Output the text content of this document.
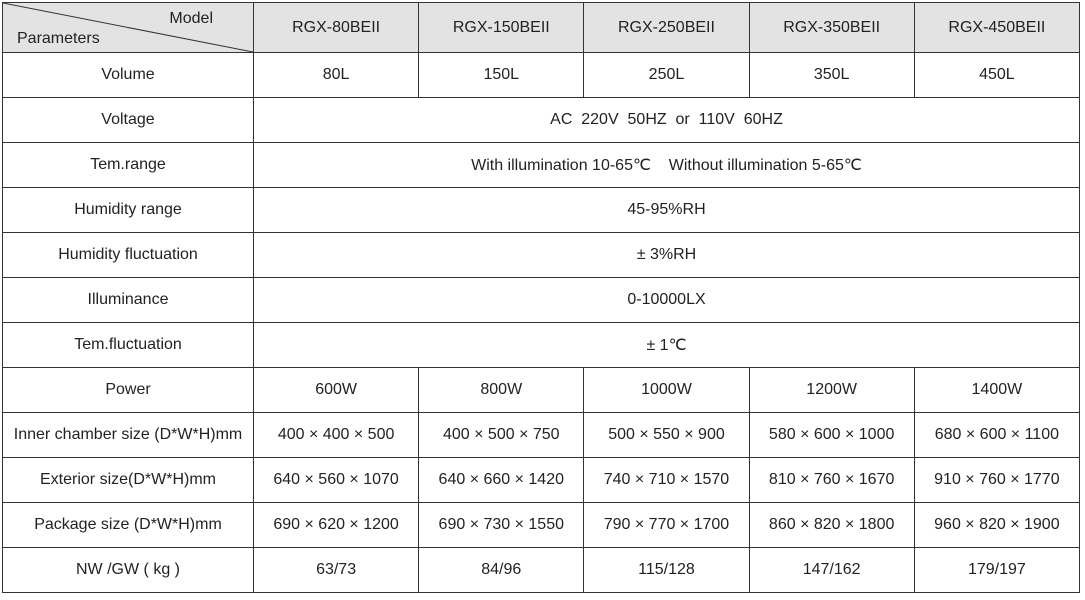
Model
Parameters	RGX-80BEII	RGX-150BEII	RGX-250BEII	RGX-350BEII	RGX-450BEII
Volume	80L	150L	250L	350L	450L
Voltage	AC  220V  50HZ  or  110V  60HZ				
Tem.range	With illumination 10-65℃    Without illumination 5-65℃				
Humidity range	45-95%RH				
Humidity fluctuation	± 3%RH				
Illuminance	0-10000LX				
Tem.fluctuation	± 1℃				
Power	600W	800W	1000W	1200W	1400W
Inner chamber size (D*W*H)mm	400 × 400 × 500	400 × 500 × 750	500 × 550 × 900	580 × 600 × 1000	680 × 600 × 1100
Exterior size(D*W*H)mm	640 × 560 × 1070	640 × 660 × 1420	740 × 710 × 1570	810 × 760 × 1670	910 × 760 × 1770
Package size (D*W*H)mm	690 × 620 × 1200	690 × 730 × 1550	790 × 770 × 1700	860 × 820 × 1800	960 × 820 × 1900
NW /GW ( kg )	63/73	84/96	115/128	147/162	179/197
